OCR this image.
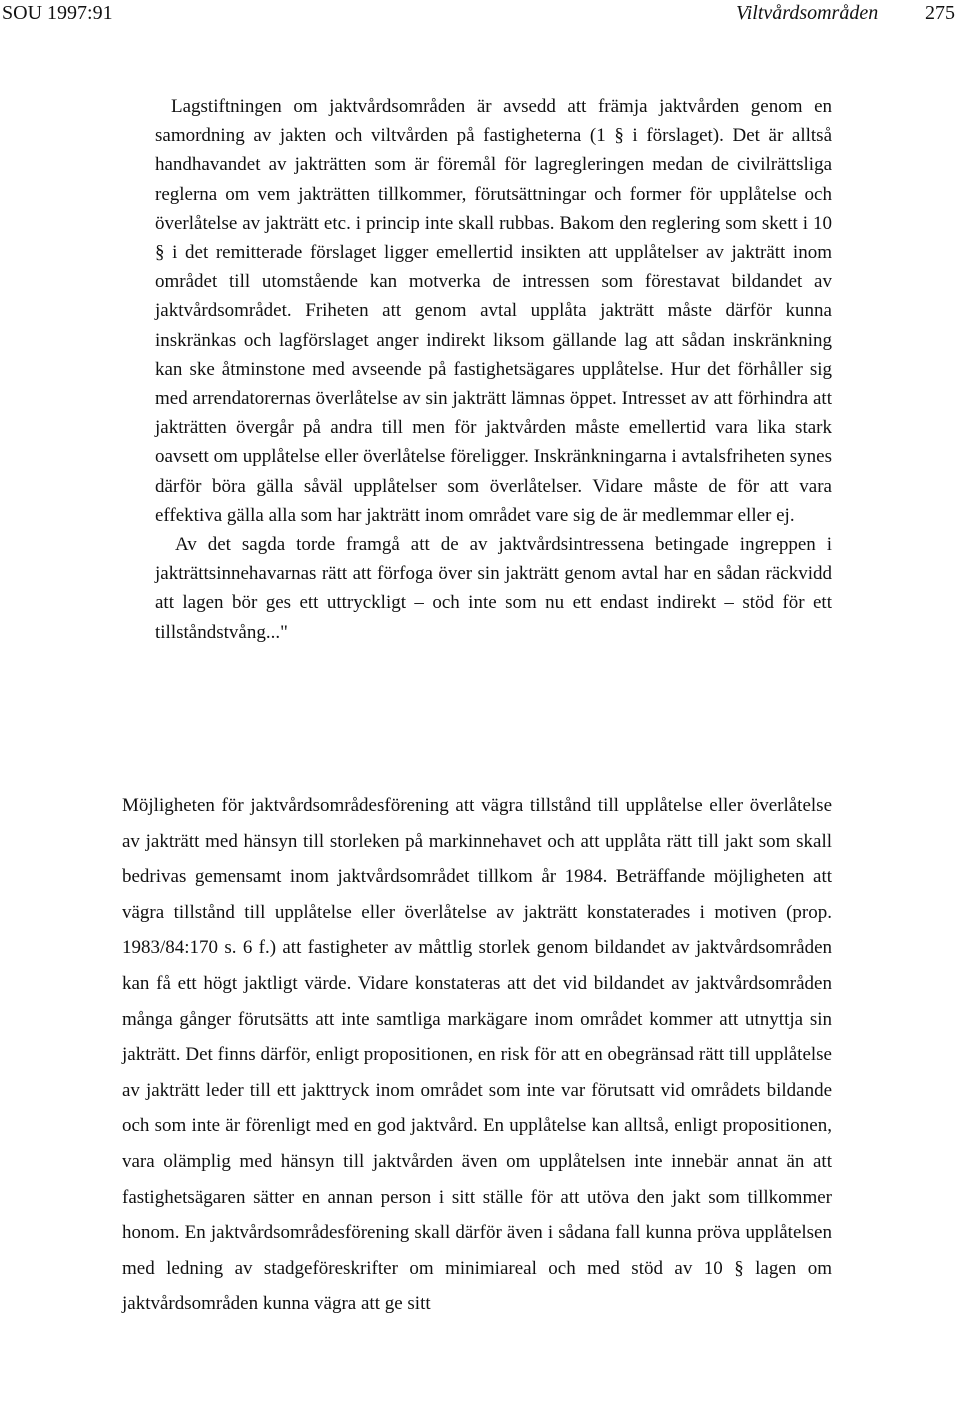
SOU 1997:91	Viltvårdsområden 275

Lagstiftningen om jaktvårdsområden är avsedd att främja jaktvården genom en samordning av jakten och viltvården på fastigheterna (1 § i förslaget). Det är alltså handhavandet av jakträtten som är föremål för lagregleringen medan de civilrättsliga reglerna om vem jakträtten tillkommer, förutsättningar och former för upplåtelse och överlåtelse av jakträtt etc. i princip inte skall rubbas. Bakom den reglering som skett i 10 § i det remitterade förslaget ligger emellertid insikten att upplåtelser av jakträtt inom området till utomstående kan motverka de intressen som förestavat bildandet av jaktvårdsområdet. Friheten att genom avtal upplåta jakträtt måste därför kunna inskränkas och lagförslaget anger indirekt liksom gällande lag att sådan inskränkning kan ske åtminstone med avseende på fastighetsägares upplåtelse. Hur det förhåller sig med arrendatorernas överlåtelse av sin jakträtt lämnas öppet. Intresset av att förhindra att jakträtten övergår på andra till men för jaktvården måste emellertid vara lika stark oavsett om upplåtelse eller överlåtelse föreligger. Inskränkningarna i avtalsfriheten synes därför böra gälla såväl upplåtelser som överlåtelser. Vidare måste de för att vara effektiva gälla alla som har jakträtt inom området vare sig de är medlemmar eller ej.

Av det sagda torde framgå att de av jaktvårdsintressena betingade ingreppen i jakträttsinnehavarnas rätt att förfoga över sin jakträtt genom avtal har en sådan räckvidd att lagen bör ges ett uttryckligt – och inte som nu ett endast indirekt – stöd för ett tillståndstvång..."

Möjligheten för jaktvårdsområdesförening att vägra tillstånd till upplåtelse eller överlåtelse av jakträtt med hänsyn till storleken på markinnehavet och att upplåta rätt till jakt som skall bedrivas gemensamt inom jaktvårdsområdet tillkom år 1984. Beträffande möjligheten att vägra tillstånd till upplåtelse eller överlåtelse av jakträtt konstaterades i motiven (prop. 1983/84:170 s. 6 f.) att fastigheter av måttlig storlek genom bildandet av jaktvårdsområden kan få ett högt jaktligt värde. Vidare konstateras att det vid bildandet av jaktvårdsområden många gånger förutsätts att inte samtliga markägare inom området kommer att utnyttja sin jakträtt. Det finns därför, enligt propositionen, en risk för att en obegränsad rätt till upplåtelse av jakträtt leder till ett jakttryck inom området som inte var förutsatt vid områdets bildande och som inte är förenligt med en god jaktvård. En upplåtelse kan alltså, enligt propositionen, vara olämplig med hänsyn till jaktvården även om upplåtelsen inte innebär annat än att fastighetsägaren sätter en annan person i sitt ställe för att utöva den jakt som tillkommer honom. En jaktvårdsområdesförening skall därför även i sådana fall kunna pröva upplåtelsen med ledning av stadgeföreskrifter om minimiareal och med stöd av 10 § lagen om jaktvårdsområden kunna vägra att ge sitt
